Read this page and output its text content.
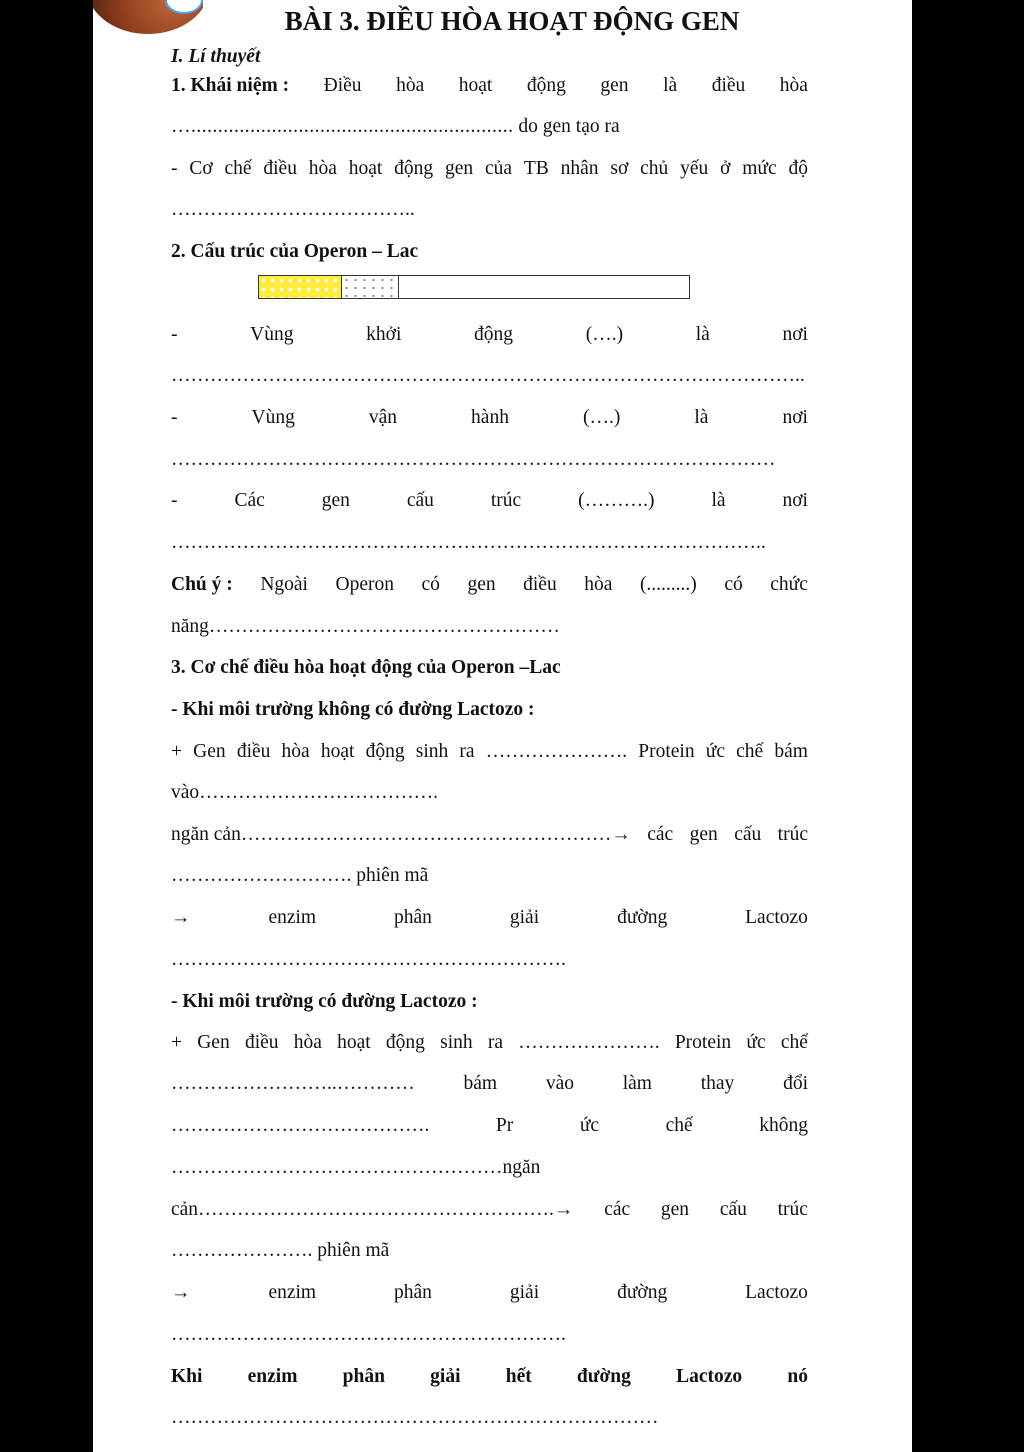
BÀI 3. ĐIỀU HÒA HOẠT ĐỘNG GEN
I. Lí thuyết
1. Khái niệm : Điều hòa hoạt động gen là điều hòa
…............................................................ do gen tạo ra
- Cơ chế điều hòa hoạt động gen của TB nhân sơ chủ yếu ở mức độ
………………………………..
2. Cấu trúc của Operon – Lac
-	Vùng	khởi	động	(….)	là	nơi
……………………………………………………………………………………..
-	Vùng	vận	hành	(….)	là	nơi
…………………………………………………………………………………
-	Các	gen	cấu	trúc	(……….)	là	nơi
………………………………………………………………………………..
Chú ý : Ngoài Operon có gen điều hòa (.........) có chức
năng………………………………………………
3. Cơ chế điều hòa hoạt động của Operon –Lac
- Khi môi trường không có đường Lactozo :
+ Gen điều hòa hoạt động sinh ra …………………. Protein ức chế bám
vào……………………………….
ngăn cản…………………………………………………→ các gen cấu trúc
………………………. phiên mã
→	enzim	phân	giải	đường	Lactozo
…………………………………………………….
- Khi môi trường có đường Lactozo :
+ Gen điều hòa hoạt động sinh ra …………………. Protein ức chế
……………………..…………	bám	vào	làm	thay	đổi
………………………………….	Pr	ức	chế	không
……………………………………………ngăn
cản……………………………………………….→ các gen cấu trúc
…………………. phiên mã
→	enzim	phân	giải	đường	Lactozo
…………………………………………………….
Khi enzim phân giải hết đường Lactozo nó
…………………………………………………………………
